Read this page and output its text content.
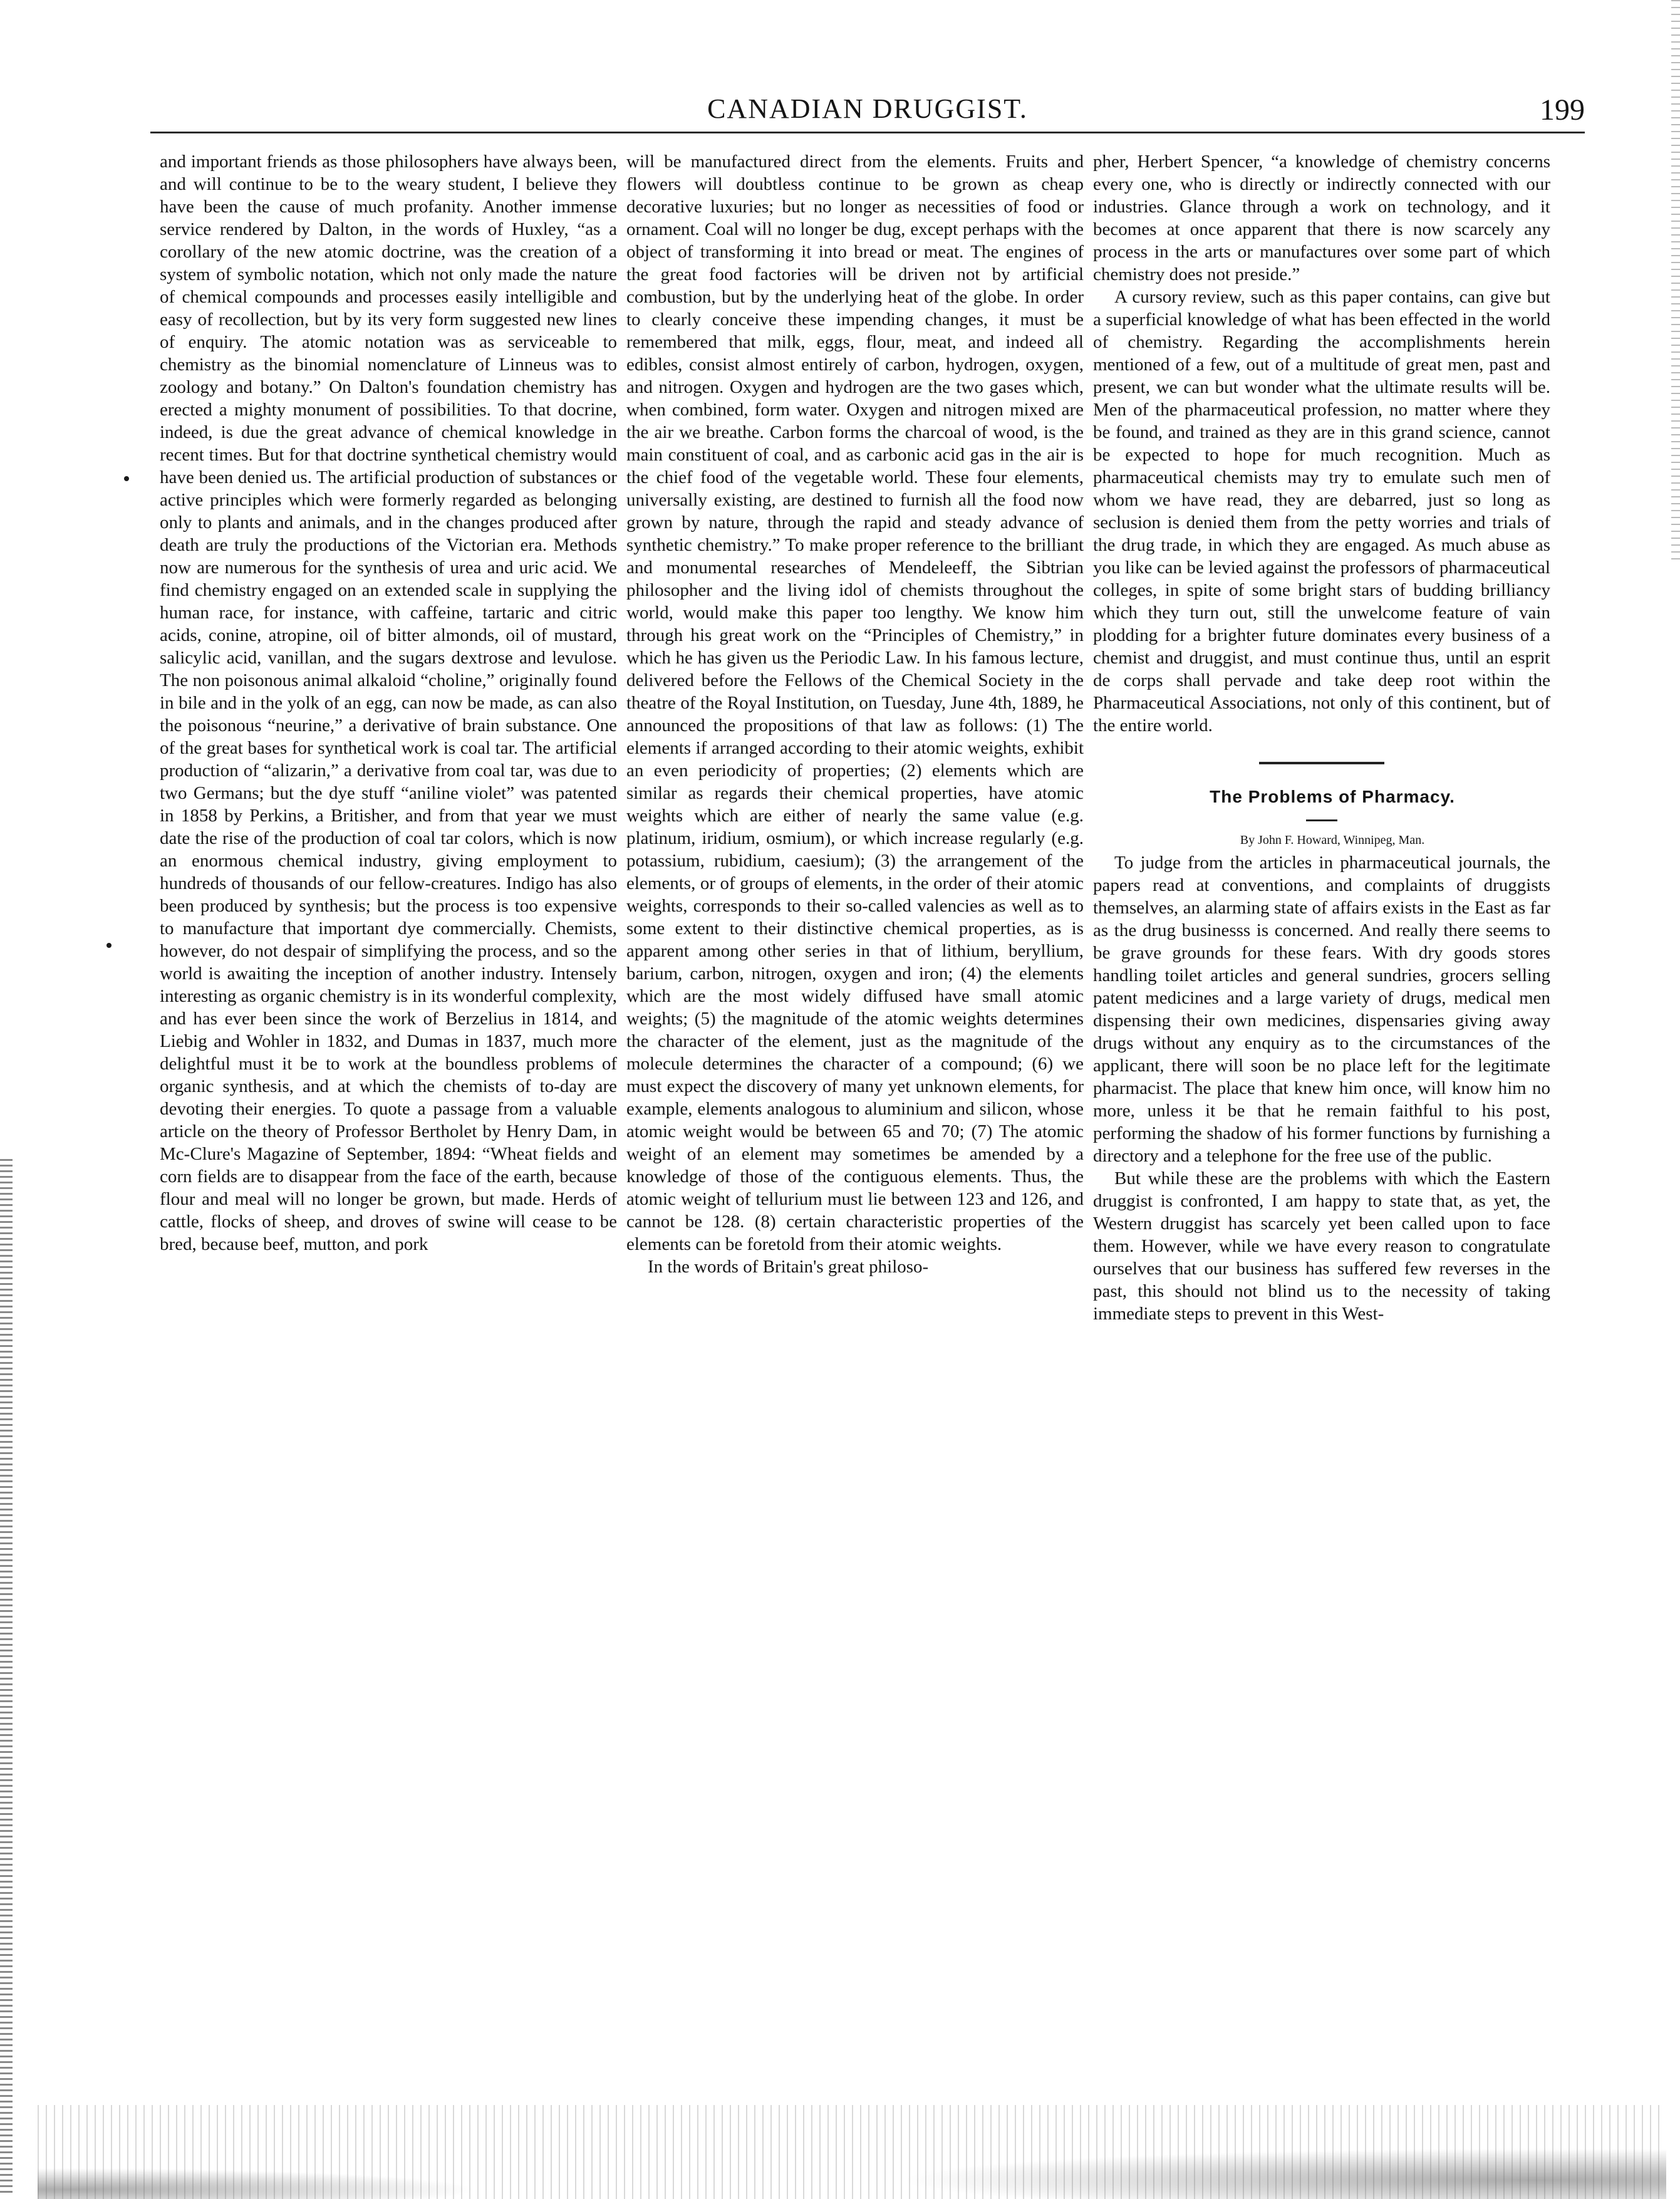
CANADIAN DRUGGIST.	199

and important friends as those philosophers have always been, and will continue to be to the weary student, I believe they have been the cause of much profanity. Another immense service rendered by Dalton, in the words of Huxley, “as a corollary of the new atomic doctrine, was the creation of a system of symbolic notation, which not only made the nature of chemical compounds and processes easily intelligible and easy of recollection, but by its very form suggested new lines of enquiry. The atomic notation was as serviceable to chemistry as the binomial nomenclature of Linneus was to zoology and botany.” On Dalton's foundation chemistry has erected a mighty monument of possibilities. To that docrine, indeed, is due the great advance of chemical knowledge in recent times. But for that doctrine synthetical chemistry would have been denied us. The artificial production of substances or active principles which were formerly regarded as belonging only to plants and animals, and in the changes produced after death are truly the productions of the Victorian era. Methods now are numerous for the synthesis of urea and uric acid. We find chemistry engaged on an extended scale in supplying the human race, for instance, with caffeine, tartaric and citric acids, conine, atropine, oil of bitter almonds, oil of mustard, salicylic acid, vanillan, and the sugars dextrose and levulose. The non poisonous animal alkaloid “choline,” originally found in bile and in the yolk of an egg, can now be made, as can also the poisonous “neurine,” a derivative of brain substance. One of the great bases for synthetical work is coal tar. The artificial production of “alizarin,” a derivative from coal tar, was due to two Germans; but the dye stuff “aniline violet” was patented in 1858 by Perkins, a Britisher, and from that year we must date the rise of the production of coal tar colors, which is now an enormous chemical industry, giving employment to hundreds of thousands of our fellow-creatures. Indigo has also been produced by synthesis; but the process is too expensive to manufacture that important dye commercially. Chemists, however, do not despair of simplifying the process, and so the world is awaiting the inception of another industry. Intensely interesting as organic chemistry is in its wonderful complexity, and has ever been since the work of Berzelius in 1814, and Liebig and Wohler in 1832, and Dumas in 1837, much more delightful must it be to work at the boundless problems of organic synthesis, and at which the chemists of to-day are devoting their energies. To quote a passage from a valuable article on the theory of Professor Bertholet by Henry Dam, in Mc-Clure's Magazine of September, 1894: “Wheat fields and corn fields are to disappear from the face of the earth, because flour and meal will no longer be grown, but made. Herds of cattle, flocks of sheep, and droves of swine will cease to be bred, because beef, mutton, and pork

will be manufactured direct from the elements. Fruits and flowers will doubtless continue to be grown as cheap decorative luxuries; but no longer as necessities of food or ornament. Coal will no longer be dug, except perhaps with the object of transforming it into bread or meat. The engines of the great food factories will be driven not by artificial combustion, but by the underlying heat of the globe. In order to clearly conceive these impending changes, it must be remembered that milk, eggs, flour, meat, and indeed all edibles, consist almost entirely of carbon, hydrogen, oxygen, and nitrogen. Oxygen and hydrogen are the two gases which, when combined, form water. Oxygen and nitrogen mixed are the air we breathe. Carbon forms the charcoal of wood, is the main constituent of coal, and as carbonic acid gas in the air is the chief food of the vegetable world. These four elements, universally existing, are destined to furnish all the food now grown by nature, through the rapid and steady advance of synthetic chemistry.” To make proper reference to the brilliant and monumental researches of Mendeleeff, the Sibtrian philosopher and the living idol of chemists throughout the world, would make this paper too lengthy. We know him through his great work on the “Principles of Chemistry,” in which he has given us the Periodic Law. In his famous lecture, delivered before the Fellows of the Chemical Society in the theatre of the Royal Institution, on Tuesday, June 4th, 1889, he announced the propositions of that law as follows: (1) The elements if arranged according to their atomic weights, exhibit an even periodicity of properties; (2) elements which are similar as regards their chemical properties, have atomic weights which are either of nearly the same value (e.g. platinum, iridium, osmium), or which increase regularly (e.g. potassium, rubidium, caesium); (3) the arrangement of the elements, or of groups of elements, in the order of their atomic weights, corresponds to their so-called valencies as well as to some extent to their distinctive chemical properties, as is apparent among other series in that of lithium, beryllium, barium, carbon, nitrogen, oxygen and iron; (4) the elements which are the most widely diffused have small atomic weights; (5) the magnitude of the atomic weights determines the character of the element, just as the magnitude of the molecule determines the character of a compound; (6) we must expect the discovery of many yet unknown elements, for example, elements analogous to aluminium and silicon, whose atomic weight would be between 65 and 70; (7) The atomic weight of an element may sometimes be amended by a knowledge of those of the contiguous elements. Thus, the atomic weight of tellurium must lie between 123 and 126, and cannot be 128. (8) certain characteristic properties of the elements can be foretold from their atomic weights.

In the words of Britain's great philoso-

pher, Herbert Spencer, “a knowledge of chemistry concerns every one, who is directly or indirectly connected with our industries. Glance through a work on technology, and it becomes at once apparent that there is now scarcely any process in the arts or manufactures over some part of which chemistry does not preside.”

A cursory review, such as this paper contains, can give but a superficial knowledge of what has been effected in the world of chemistry. Regarding the accomplishments herein mentioned of a few, out of a multitude of great men, past and present, we can but wonder what the ultimate results will be. Men of the pharmaceutical profession, no matter where they be found, and trained as they are in this grand science, cannot be expected to hope for much recognition. Much as pharmaceutical chemists may try to emulate such men of whom we have read, they are debarred, just so long as seclusion is denied them from the petty worries and trials of the drug trade, in which they are engaged. As much abuse as you like can be levied against the professors of pharmaceutical colleges, in spite of some bright stars of budding brilliancy which they turn out, still the unwelcome feature of vain plodding for a brighter future dominates every business of a chemist and druggist, and must continue thus, until an esprit de corps shall pervade and take deep root within the Pharmaceutical Associations, not only of this continent, but of the entire world.

The Problems of Pharmacy.

By John F. Howard, Winnipeg, Man.

To judge from the articles in pharmaceutical journals, the papers read at conventions, and complaints of druggists themselves, an alarming state of affairs exists in the East as far as the drug businesss is concerned. And really there seems to be grave grounds for these fears. With dry goods stores handling toilet articles and general sundries, grocers selling patent medicines and a large variety of drugs, medical men dispensing their own medicines, dispensaries giving away drugs without any enquiry as to the circumstances of the applicant, there will soon be no place left for the legitimate pharmacist. The place that knew him once, will know him no more, unless it be that he remain faithful to his post, performing the shadow of his former functions by furnishing a directory and a telephone for the free use of the public.

But while these are the problems with which the Eastern druggist is confronted, I am happy to state that, as yet, the Western druggist has scarcely yet been called upon to face them. However, while we have every reason to congratulate ourselves that our business has suffered few reverses in the past, this should not blind us to the necessity of taking immediate steps to prevent in this West-
